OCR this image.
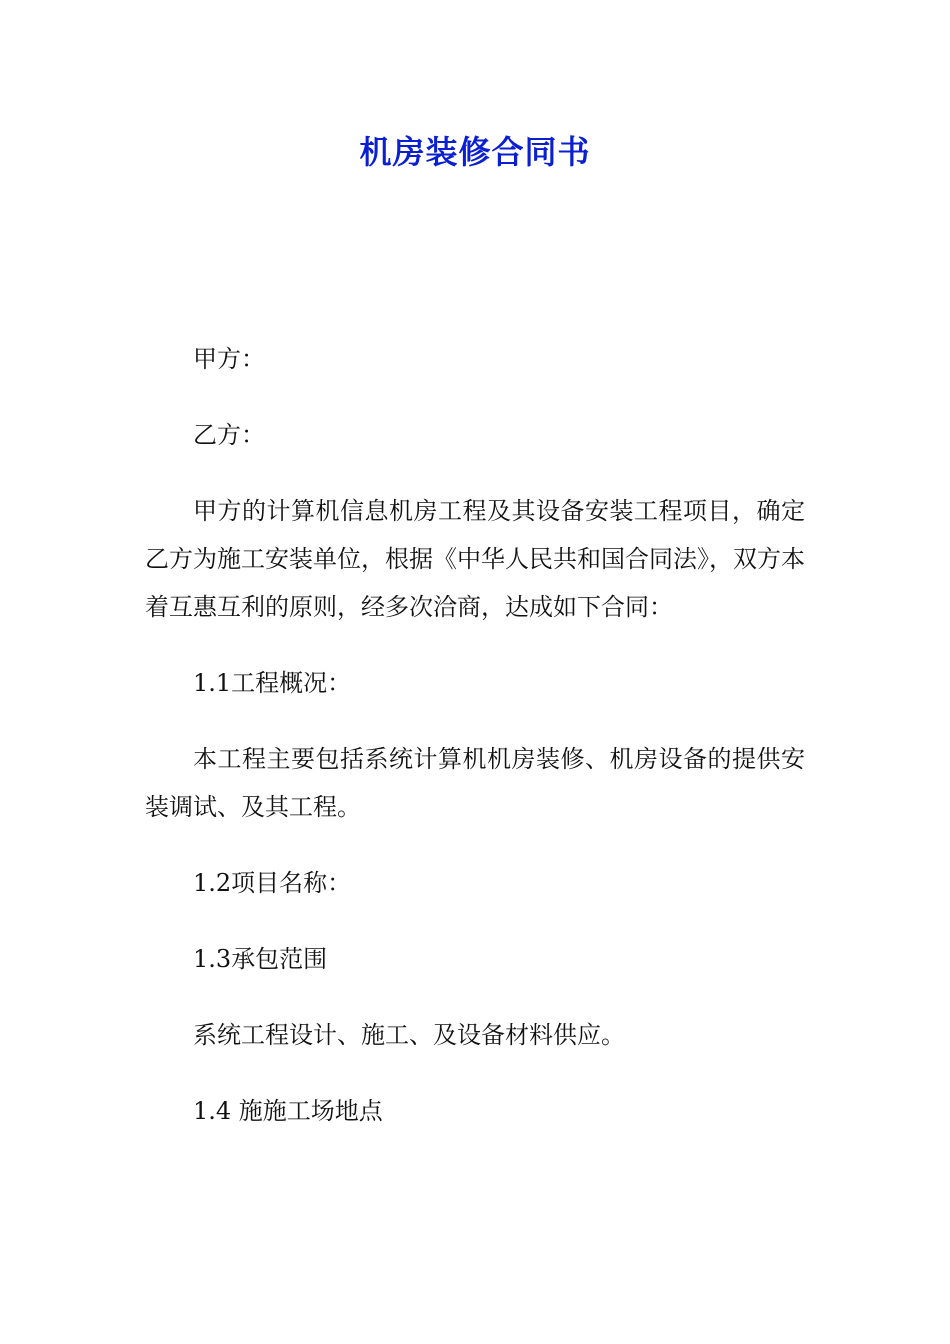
机房装修合同书

甲方：

乙方：

甲方的计算机信息机房工程及其设备安装工程项目，确定乙方为施工安装单位，根据《中华人民共和国合同法》，双方本着互惠互利的原则，经多次洽商，达成如下合同：

1.1工程概况：

本工程主要包括系统计算机机房装修、机房设备的提供安装调试、及其工程。

1.2项目名称：

1.3承包范围

系统工程设计、施工、及设备材料供应。

1.4 施施工场地点
